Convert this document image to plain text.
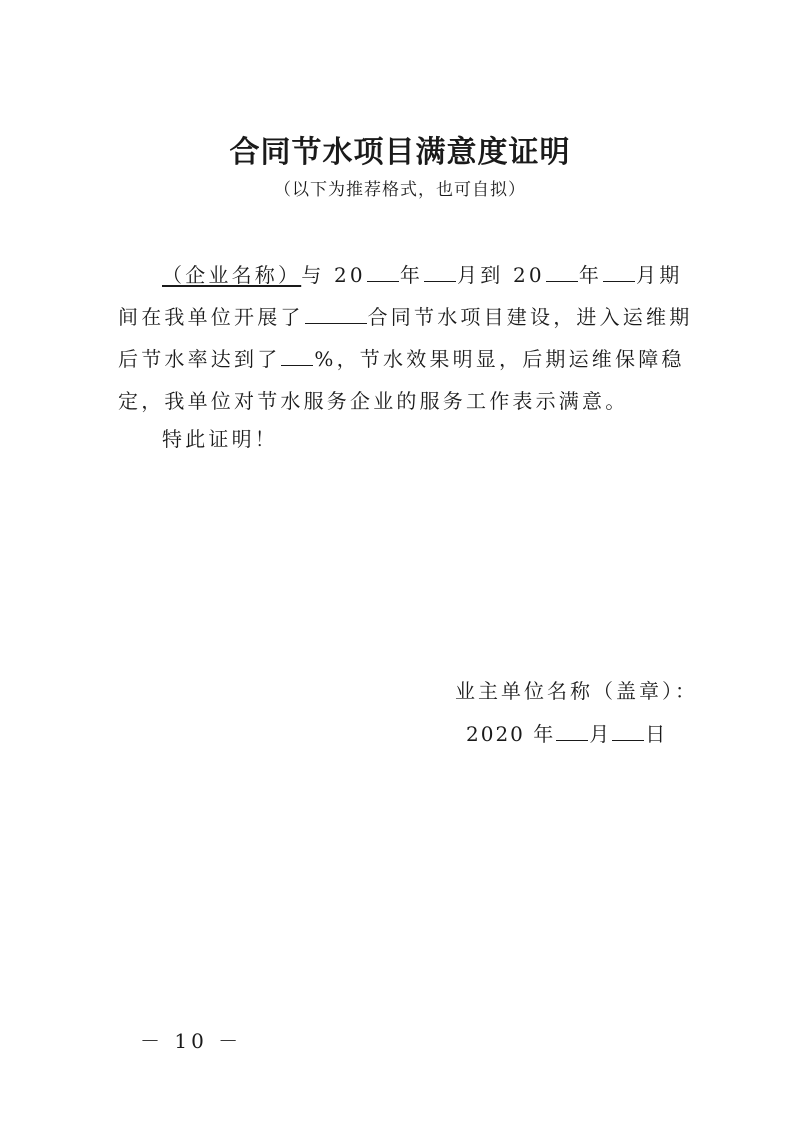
合同节水项目满意度证明
（以下为推荐格式，也可自拟）

（企业名称）与 20 年 月到 20 年 月期间在我单位开展了	合同节水项目建设，进入运维期后节水率达到了 %，节水效果明显，后期运维保障稳定，我单位对节水服务企业的服务工作表示满意。

特此证明！
业主单位名称（盖章）：
2020 年 月 日
－ 10 －
